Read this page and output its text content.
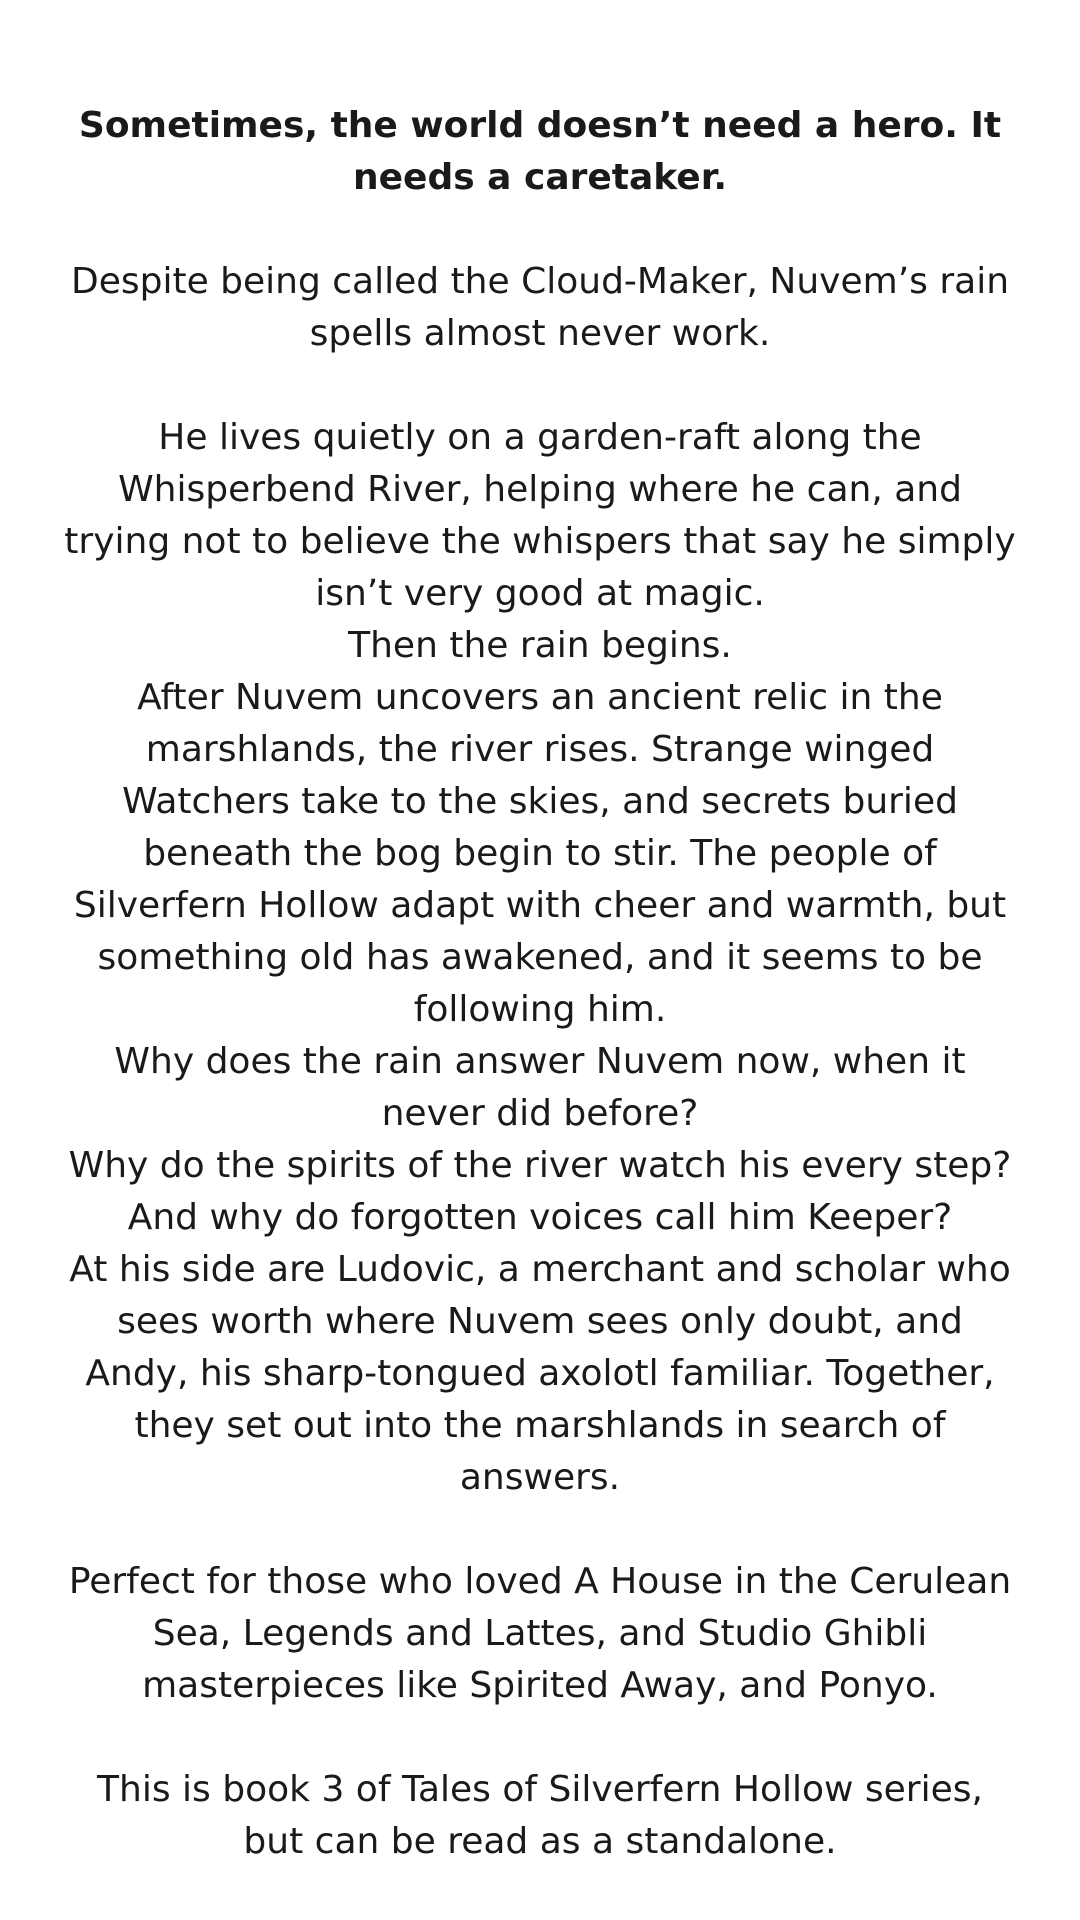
Sometimes, the world doesn’t need a hero. It needs a caretaker.

Despite being called the Cloud-Maker, Nuvem’s rain spells almost never work.

He lives quietly on a garden-raft along the Whisperbend River, helping where he can, and trying not to believe the whispers that say he simply isn’t very good at magic.

Then the rain begins.

After Nuvem uncovers an ancient relic in the marshlands, the river rises. Strange winged Watchers take to the skies, and secrets buried beneath the bog begin to stir. The people of Silverfern Hollow adapt with cheer and warmth, but something old has awakened, and it seems to be following him.

Why does the rain answer Nuvem now, when it never did before?

Why do the spirits of the river watch his every step?

And why do forgotten voices call him Keeper?

At his side are Ludovic, a merchant and scholar who sees worth where Nuvem sees only doubt, and Andy, his sharp-tongued axolotl familiar. Together, they set out into the marshlands in search of answers.

Perfect for those who loved A House in the Cerulean Sea, Legends and Lattes, and Studio Ghibli masterpieces like Spirited Away, and Ponyo.

This is book 3 of Tales of Silverfern Hollow series, but can be read as a standalone.
